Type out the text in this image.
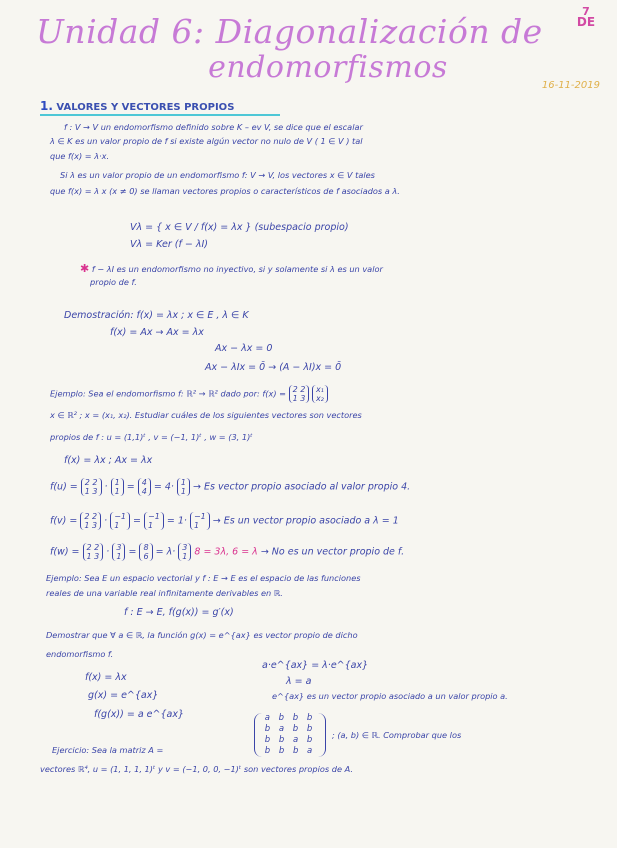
Unidad 6: Diagonalización de
endomorfismos
7
DE
16-11-2019
1. VALORES Y VECTORES PROPIOS
f : V → V un endomorfismo definido sobre K – ev V, se dice que el escalar
λ ∈ K es un valor propio de f si existe algún vector no nulo de V ( 1 ∈ V ) tal
que f(x) = λ·x.
Si λ es un valor propio de un endomorfismo f: V → V, los vectores x ∈ V tales
que f(x) = λ x (x ≠ 0) se llaman vectores propios o característicos de f asociados a λ.
Vλ = { x ∈ V / f(x) = λx } (subespacio propio)
Vλ = Ker (f − λI)
✱ f − λI es un endomorfismo no inyectivo, si y solamente si λ es un valor
propio de f.
Demostración: f(x) = λx ; x ∈ E , λ ∈ K
f(x) = Ax → Ax = λx
Ax − λx = 0
Ax − λIx = 0̄ → (A − λI)x = 0̄
Ejemplo: Sea el endomorfismo f: ℝ² → ℝ² dado por: f(x) = 2 2
1 3 x₁
x₂
x ∈ ℝ² ; x = (x₁, x₂). Estudiar cuáles de los siguientes vectores son vectores
propios de f : u = (1,1)ᵗ , v = (−1, 1)ᵗ , w = (3, 1)ᵗ
f(x) = λx ; Ax = λx
f(u) = 2 2
1 3 · 1
1 = 4
4 = 4· 1
1 → Es vector propio asociado al valor propio 4.
f(v) = 2 2
1 3 · −1
1 = −1
1 = 1· −1
1 → Es un vector propio asociado a λ = 1
f(w) = 2 2
1 3 · 3
1 = 8
6 = λ· 3
1 8 = 3λ, 6 = λ → No es un vector propio de f.
Ejemplo: Sea E un espacio vectorial y f : E → E es el espacio de las funciones
reales de una variable real infinitamente derivables en ℝ.
f : E → E, f(g(x)) = g′(x)
Demostrar que ∀ a ∈ ℝ, la función g(x) = e^{ax} es vector propio de dicho
endomorfismo f.
f(x) = λx
g(x) = e^{ax}
f(g(x)) = a e^{ax}
a·e^{ax} = λ·e^{ax}
λ = a
e^{ax} es un vector propio asociado a un valor propio a.
Ejercicio: Sea la matriz A =
a b b b
b a b b
b b a b
b b b a
; (a, b) ∈ ℝ. Comprobar que los
vectores ℝ⁴, u = (1, 1, 1, 1)ᵗ y v = (−1, 0, 0, −1)ᵗ son vectores propios de A.
